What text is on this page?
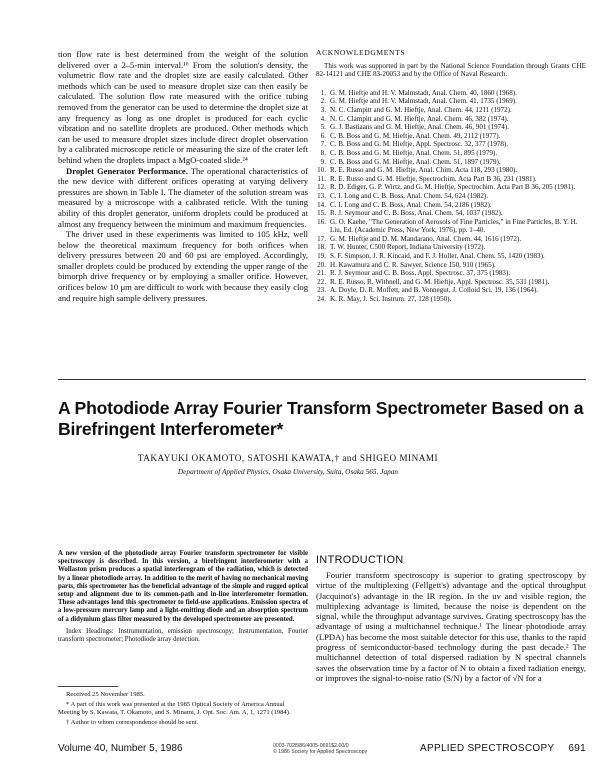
tion flow rate is best determined from the weight of the solution delivered over a 2–5-min interval.¹⁶ From the solution's density, the volumetric flow rate and the droplet size are easily calculated. Other methods which can be used to measure droplet size can then easily be calculated. The solution flow rate measured with the orifice tubing removed from the generator can be used to determine the droplet size at any frequency as long as one droplet is produced for each cyclic vibration and no satellite droplets are produced. Other methods which can be used to measure droplet sizes include direct droplet observation by a calibrated microscope reticle or measuring the size of the crater left behind when the droplets impact a MgO-coated slide.²⁴

Droplet Generator Performance. The operational characteristics of the new device with different orifices operating at varying delivery pressures are shown in Table I. The diameter of the solution stream was measured by a microscope with a calibrated reticle. With the tuning ability of this droplet generator, uniform droplets could be produced at almost any frequency between the minimum and maximum frequencies.

The driver used in these experiments was limited to 105 kHz, well below the theoretical maximum frequency for both orifices when delivery pressures between 20 and 60 psi are employed. Accordingly, smaller droplets could be produced by extending the upper range of the bimorph drive frequency or by employing a smaller orifice. However, orifices below 10 μm are difficult to work with because they easily clog and require high sample delivery pressures.

ACKNOWLEDGMENTS

This work was supported in part by the National Science Foundation through Grants CHE 82-14121 and CHE 83-20053 and by the Office of Naval Research.

1. G. M. Hieftje and H. V. Malmstadt, Anal. Chem. 40, 1860 (1968).
2. G. M. Hieftje and H. V. Malmstadt, Anal. Chem. 41, 1735 (1969).
3. N. C. Clampitt and G. M. Hieftje, Anal. Chem. 44, 1211 (1972).
4. N. C. Clampitt and G. M. Hieftje, Anal. Chem. 46, 382 (1974).
5. G. J. Bastiaans and G. M. Hieftje, Anal. Chem. 46, 901 (1974).
6. C. B. Boss and G. M. Hieftje, Anal. Chem. 49, 2112 (1977).
7. C. B. Boss and G. M. Hieftje, Appl. Spectrosc. 32, 377 (1978).
8. C. B. Boss and G. M. Hieftje, Anal. Chem. 51, 895 (1979).
9. C. B. Boss and G. M. Hieftje, Anal. Chem. 51, 1897 (1979).
10. R. E. Russo and G. M. Hieftje, Anal. Chim. Acta 118, 293 (1980).
11. R. E. Russo and G. M. Hieftje, Spectrochim. Acta Part B 36, 231 (1981).
12. R. D. Ediger, G. P. Wirtz, and G. M. Hieftje, Spectrochim. Acta Part B 36, 205 (1981).
13. C. I. Long and C. B. Boss, Anal. Chem. 54, 624 (1982).
14. C. I. Long and C. B. Boss, Anal. Chem. 54, 2186 (1982).
15. R. J. Seymour and C. B. Boss, Anal. Chem. 54, 1037 (1982).
16. G. O. Kaehe, "The Generation of Aerosols of Fine Particles," in Fine Particles, B. Y. H. Liu, Ed. (Academic Press, New York, 1976), pp. 1–40.
17. G. M. Hieftje and D. M. Mandarano, Anal. Chem. 44, 1616 (1972).
18. T. W. Hunter, C500 Report, Indiana University (1972).
19. S. F. Simpson, J. R. Kincaid, and F. J. Holler, Anal. Chem. 55, 1420 (1983).
20. H. Kawamura and C. R. Sawyer, Science 150, 910 (1965).
21. R. J. Seymour and C. B. Boss, Appl. Spectrosc. 37, 375 (1983).
22. R. E. Russo, R. Withnell, and G. M. Hieftje, Appl. Spectrosc. 35, 531 (1981).
23. A. Doyle, D. R. Moffett, and B. Vonnegut, J. Colloid Sci. 19, 136 (1964).
24. K. R. May, J. Sci. Instrum. 27, 128 (1950).
A Photodiode Array Fourier Transform Spectrometer Based on a Birefringent Interferometer*
TAKAYUKI OKAMOTO, SATOSHI KAWATA,† and SHIGEO MINAMI
Department of Applied Physics, Osaka University, Suita, Osaka 565, Japan

A new version of the photodiode array Fourier transform spectrometer for visible spectroscopy is described. In this version, a birefringent interferometer with a Wollaston prism produces a spatial interferogram of the radiation, which is detected by a linear photodiode array. In addition to the merit of having no mechanical moving parts, this spectrometer has the beneficial advantage of the simple and rugged optical setup and alignment due to its common-path and in-line interferometer formation. These advantages lend this spectrometer to field-use applications. Emission spectra of a low-pressure mercury lamp and a light-emitting diode and an absorption spectrum of a didymium glass filter measured by the developed spectrometer are presented.

Index Headings: Instrumentation, emission spectroscopy; Instrumentation, Fourier transform spectrometer; Photodiode array detection.

Received 25 November 1985.

* A part of this work was presented at the 1985 Optical Society of America Annual Meeting by S. Kawata, T. Okamoto, and S. Minami, J. Opt. Soc. Am. A, 1, 1271 (1984).

† Author to whom correspondence should be sent.

INTRODUCTION

Fourier transform spectroscopy is superior to grating spectroscopy by virtue of the multiplexing (Fellgett's) advantage and the optical throughput (Jacquinot's) advantage in the IR region. In the uv and visible region, the multiplexing advantage is limited, because the noise is dependent on the signal, while the throughput advantage survives. Grating spectroscopy has the advantage of using a multichannel technique.¹ The linear photodiode array (LPDA) has become the most suitable detector for this use, thanks to the rapid progress of semiconductor-based technology during the past decade.² The multichannel detection of total dispersed radiation by N spectral channels saves the observation time by a factor of N to obtain a fixed radiation energy, or improves the signal-to-noise ratio (S/N) by a factor of √N for a

Volume 40, Number 5, 1986	0003-7028/86/4005-0691$2.00/0
© 1986 Society for Applied Spectroscopy	APPLIED SPECTROSCOPY 691
